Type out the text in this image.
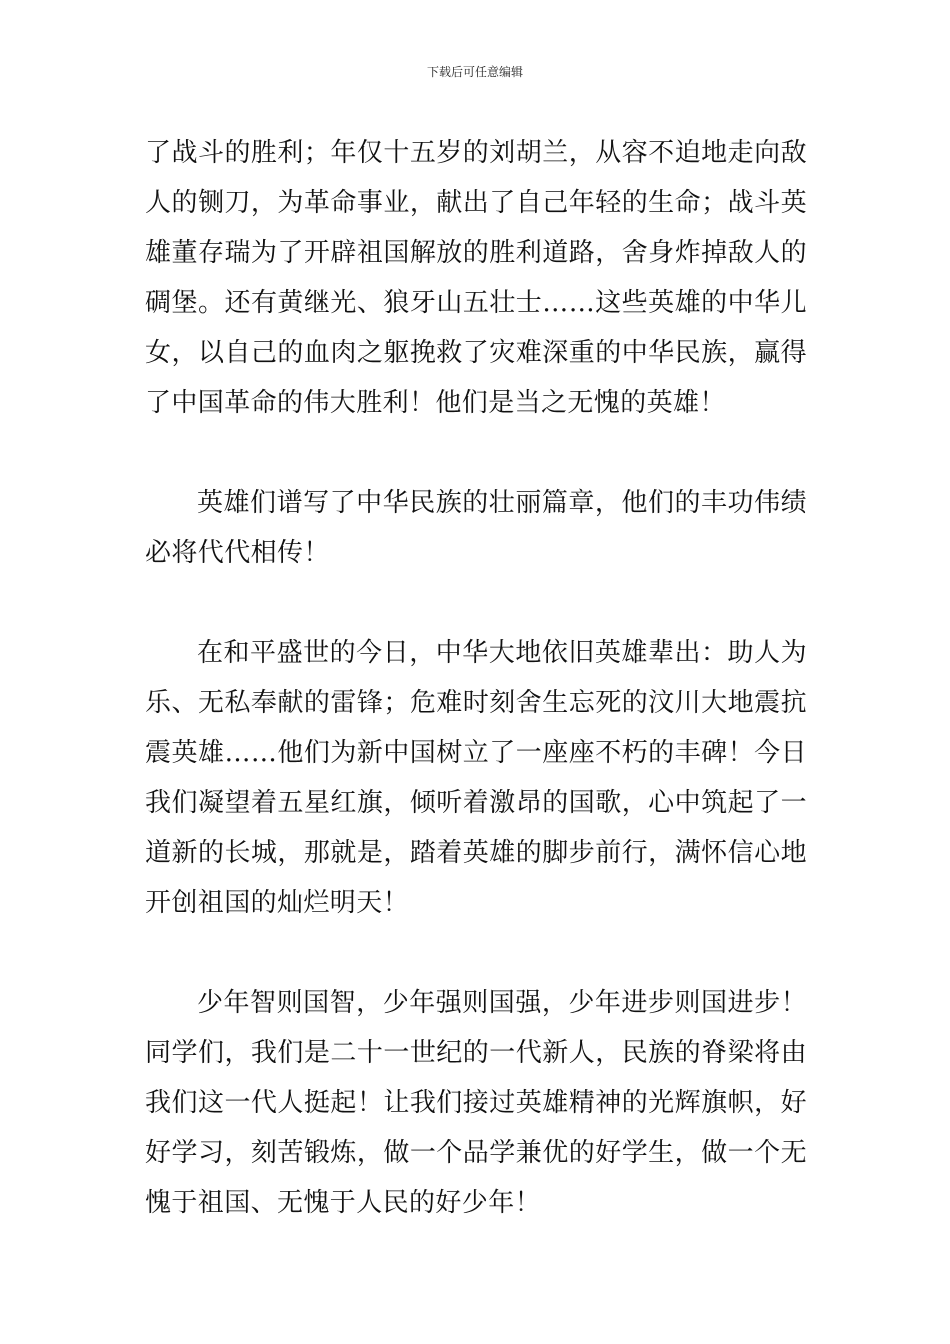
下载后可任意编辑

了战斗的胜利；年仅十五岁的刘胡兰，从容不迫地走向敌人的铡刀，为革命事业，献出了自己年轻的生命；战斗英雄董存瑞为了开辟祖国解放的胜利道路，舍身炸掉敌人的碉堡。还有黄继光、狼牙山五壮士……这些英雄的中华儿女，以自己的血肉之躯挽救了灾难深重的中华民族，赢得了中国革命的伟大胜利！他们是当之无愧的英雄！

英雄们谱写了中华民族的壮丽篇章，他们的丰功伟绩必将代代相传！

在和平盛世的今日，中华大地依旧英雄辈出：助人为乐、无私奉献的雷锋；危难时刻舍生忘死的汶川大地震抗震英雄……他们为新中国树立了一座座不朽的丰碑！今日我们凝望着五星红旗，倾听着激昂的国歌，心中筑起了一道新的长城，那就是，踏着英雄的脚步前行，满怀信心地开创祖国的灿烂明天！

少年智则国智，少年强则国强，少年进步则国进步！同学们，我们是二十一世纪的一代新人，民族的脊梁将由我们这一代人挺起！让我们接过英雄精神的光辉旗帜，好好学习，刻苦锻炼，做一个品学兼优的好学生，做一个无愧于祖国、无愧于人民的好少年！
